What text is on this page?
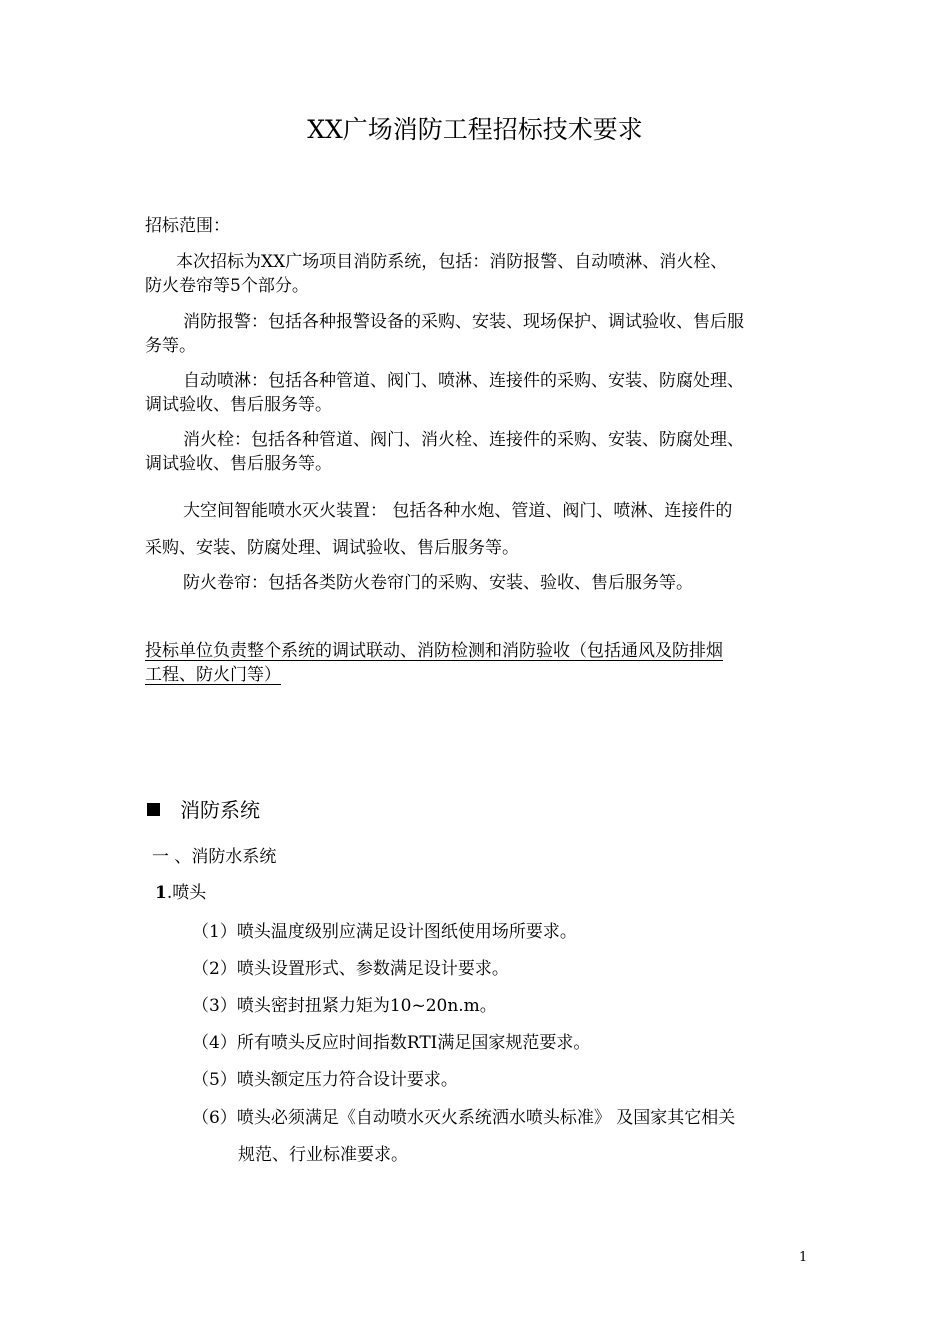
XX广场消防工程招标技术要求
招标范围：
本次招标为XX广场项目消防系统，包括：消防报警、自动喷淋、消火栓、
防火卷帘等5个部分。
消防报警：包括各种报警设备的采购、安装、现场保护、调试验收、售后服
务等。
自动喷淋：包括各种管道、阀门、喷淋、连接件的采购、安装、防腐处理、
调试验收、售后服务等。
消火栓：包括各种管道、阀门、消火栓、连接件的采购、安装、防腐处理、
调试验收、售后服务等。
大空间智能喷水灭火装置： 包括各种水炮、管道、阀门、喷淋、连接件的
采购、安装、防腐处理、调试验收、售后服务等。
防火卷帘：包括各类防火卷帘门的采购、安装、验收、售后服务等。
投标单位负责整个系统的调试联动、消防检测和消防验收（包括通风及防排烟
工程、防火门等）
消防系统
一 、消防水系统
1.喷头
（1）喷头温度级别应满足设计图纸使用场所要求。
（2）喷头设置形式、参数满足设计要求。
（3）喷头密封扭紧力矩为10~20n.m。
（4）所有喷头反应时间指数RTI满足国家规范要求。
（5）喷头额定压力符合设计要求。
（6）喷头必须满足《自动喷水灭火系统洒水喷头标准》 及国家其它相关
规范、行业标准要求。
1
